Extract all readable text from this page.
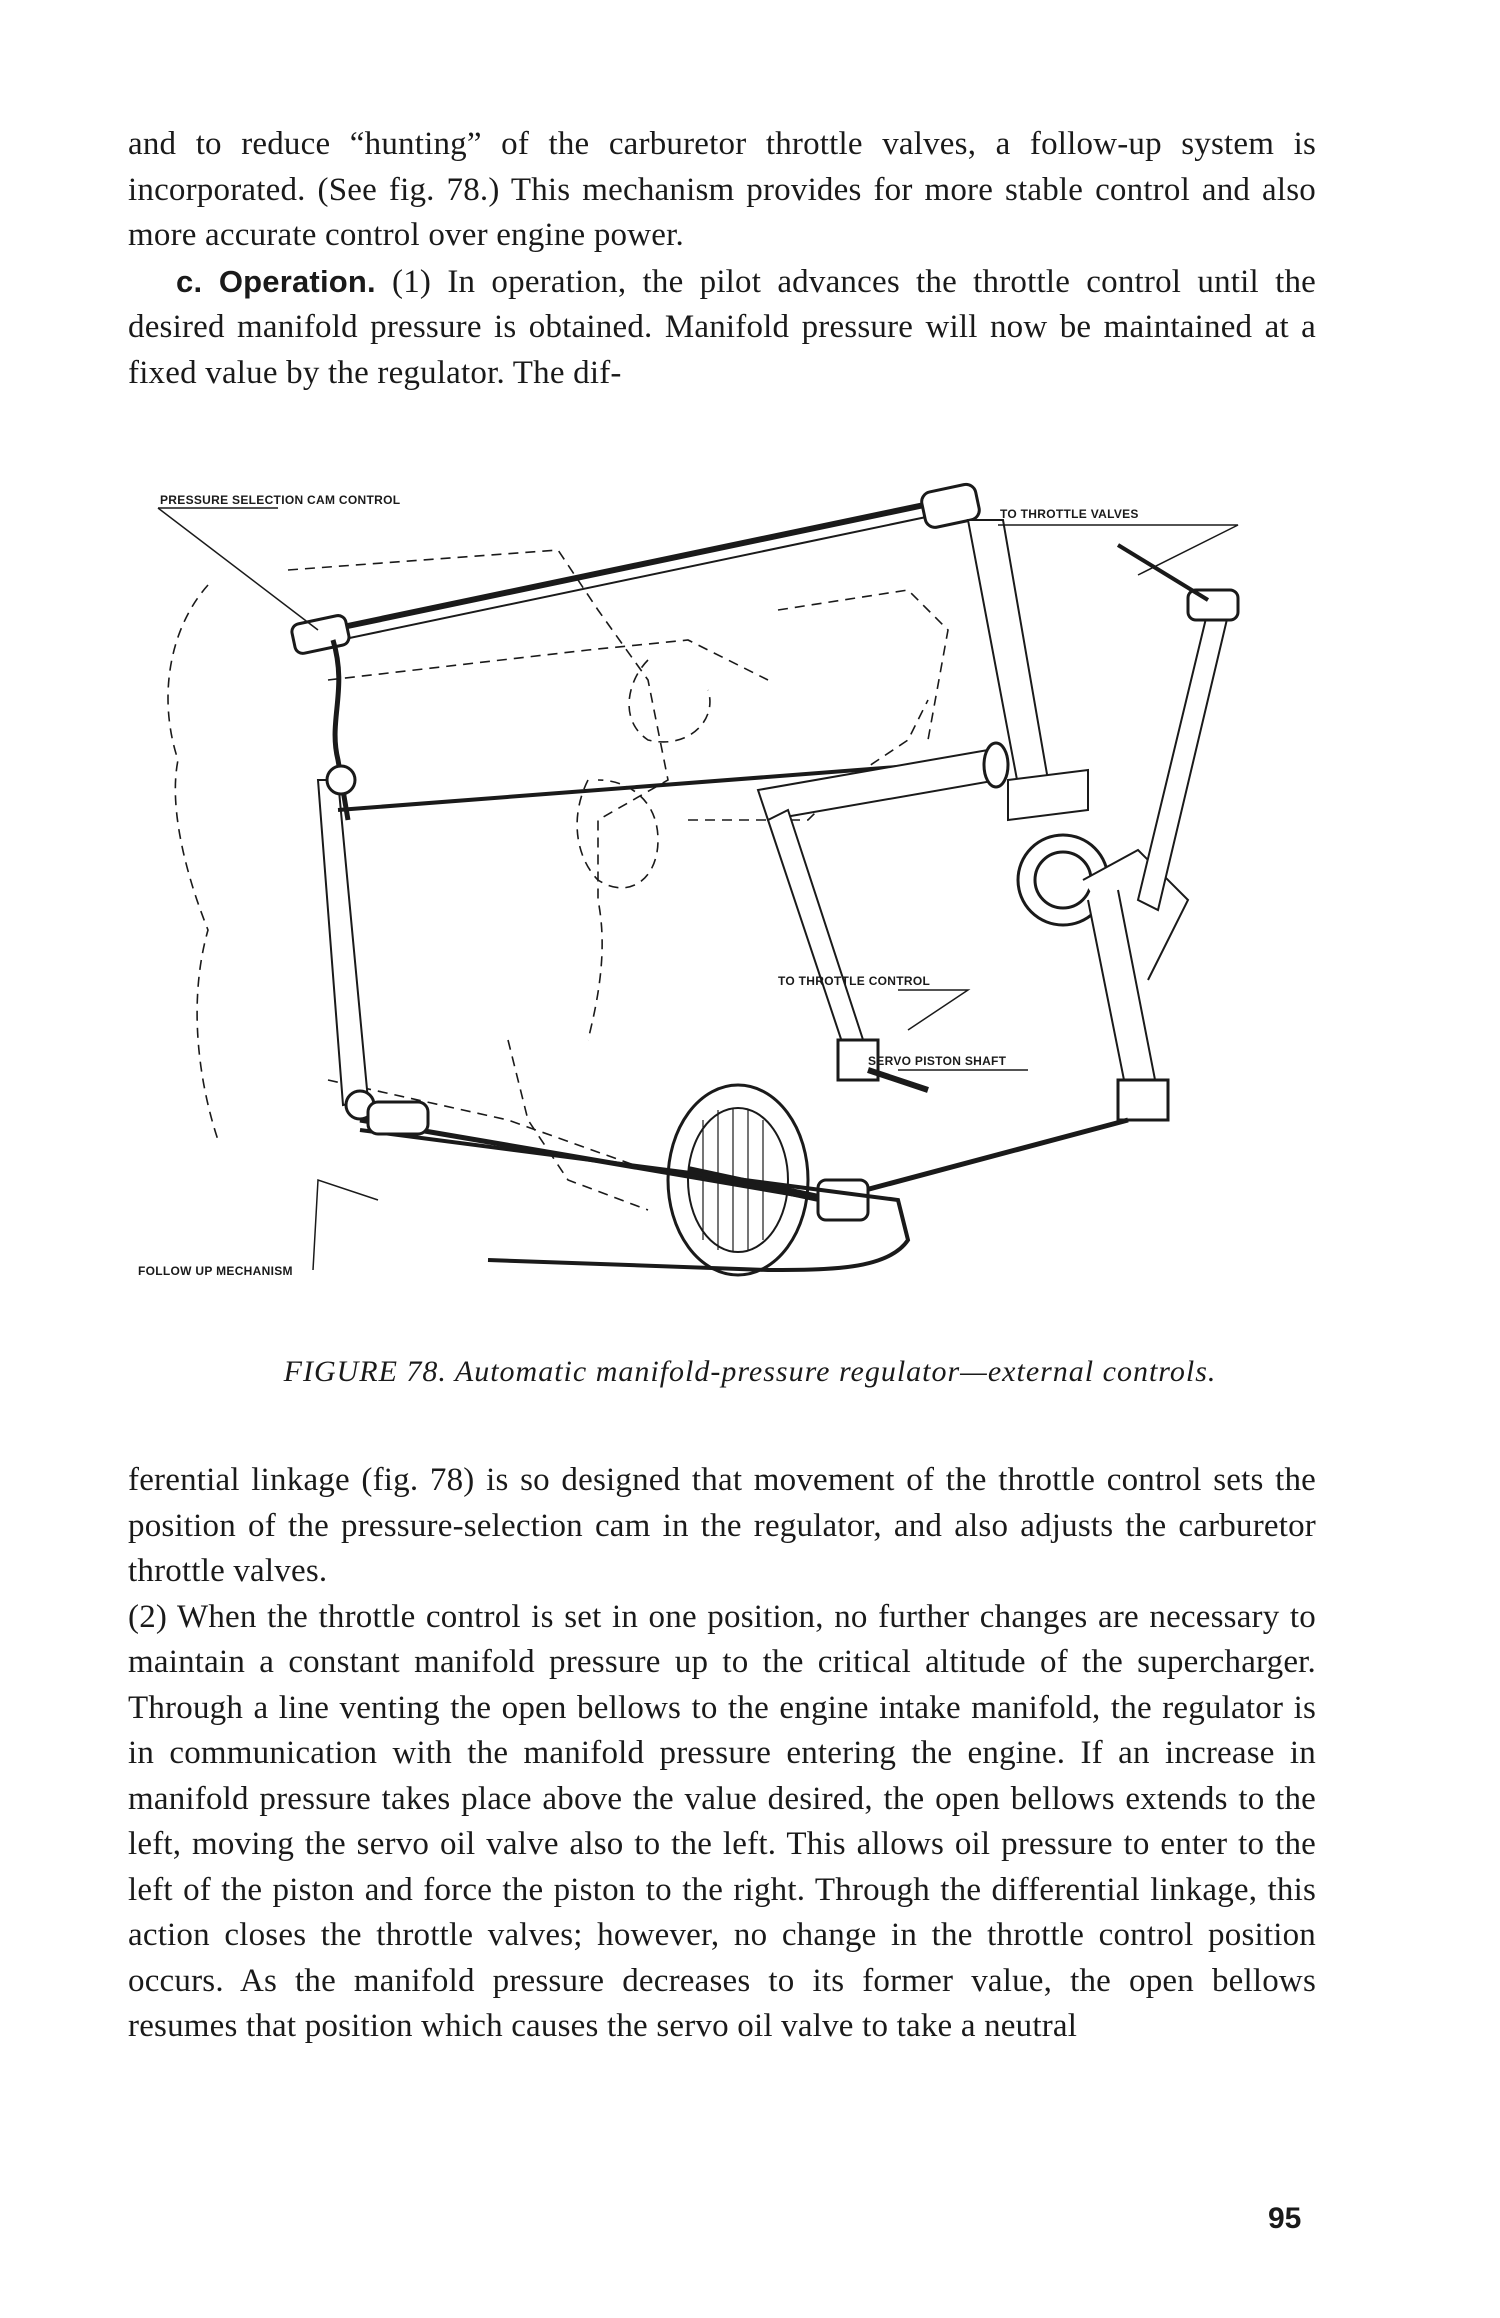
and to reduce “hunting” of the carburetor throttle valves, a follow-up system is incorporated. (See fig. 78.) This mechanism provides for more stable control and also more accurate control over engine power.

c. Operation. (1) In operation, the pilot advances the throttle control until the desired manifold pressure is obtained. Manifold pressure will now be maintained at a fixed value by the regulator. The dif-

PRESSURE SELECTION CAM CONTROL
TO THROTTLE VALVES
TO THROTTLE CONTROL
SERVO PISTON SHAFT
FOLLOW UP MECHANISM
FIGURE 78. Automatic manifold-pressure regulator—external controls.

ferential linkage (fig. 78) is so designed that movement of the throttle control sets the position of the pressure-selection cam in the regulator, and also adjusts the carburetor throttle valves.

(2) When the throttle control is set in one position, no further changes are necessary to maintain a constant manifold pressure up to the critical altitude of the supercharger. Through a line venting the open bellows to the engine intake manifold, the regulator is in communication with the manifold pressure entering the engine. If an increase in manifold pressure takes place above the value desired, the open bellows extends to the left, moving the servo oil valve also to the left. This allows oil pressure to enter to the left of the piston and force the piston to the right. Through the differential linkage, this action closes the throttle valves; however, no change in the throttle control position occurs. As the manifold pressure decreases to its former value, the open bellows resumes that position which causes the servo oil valve to take a neutral

95
